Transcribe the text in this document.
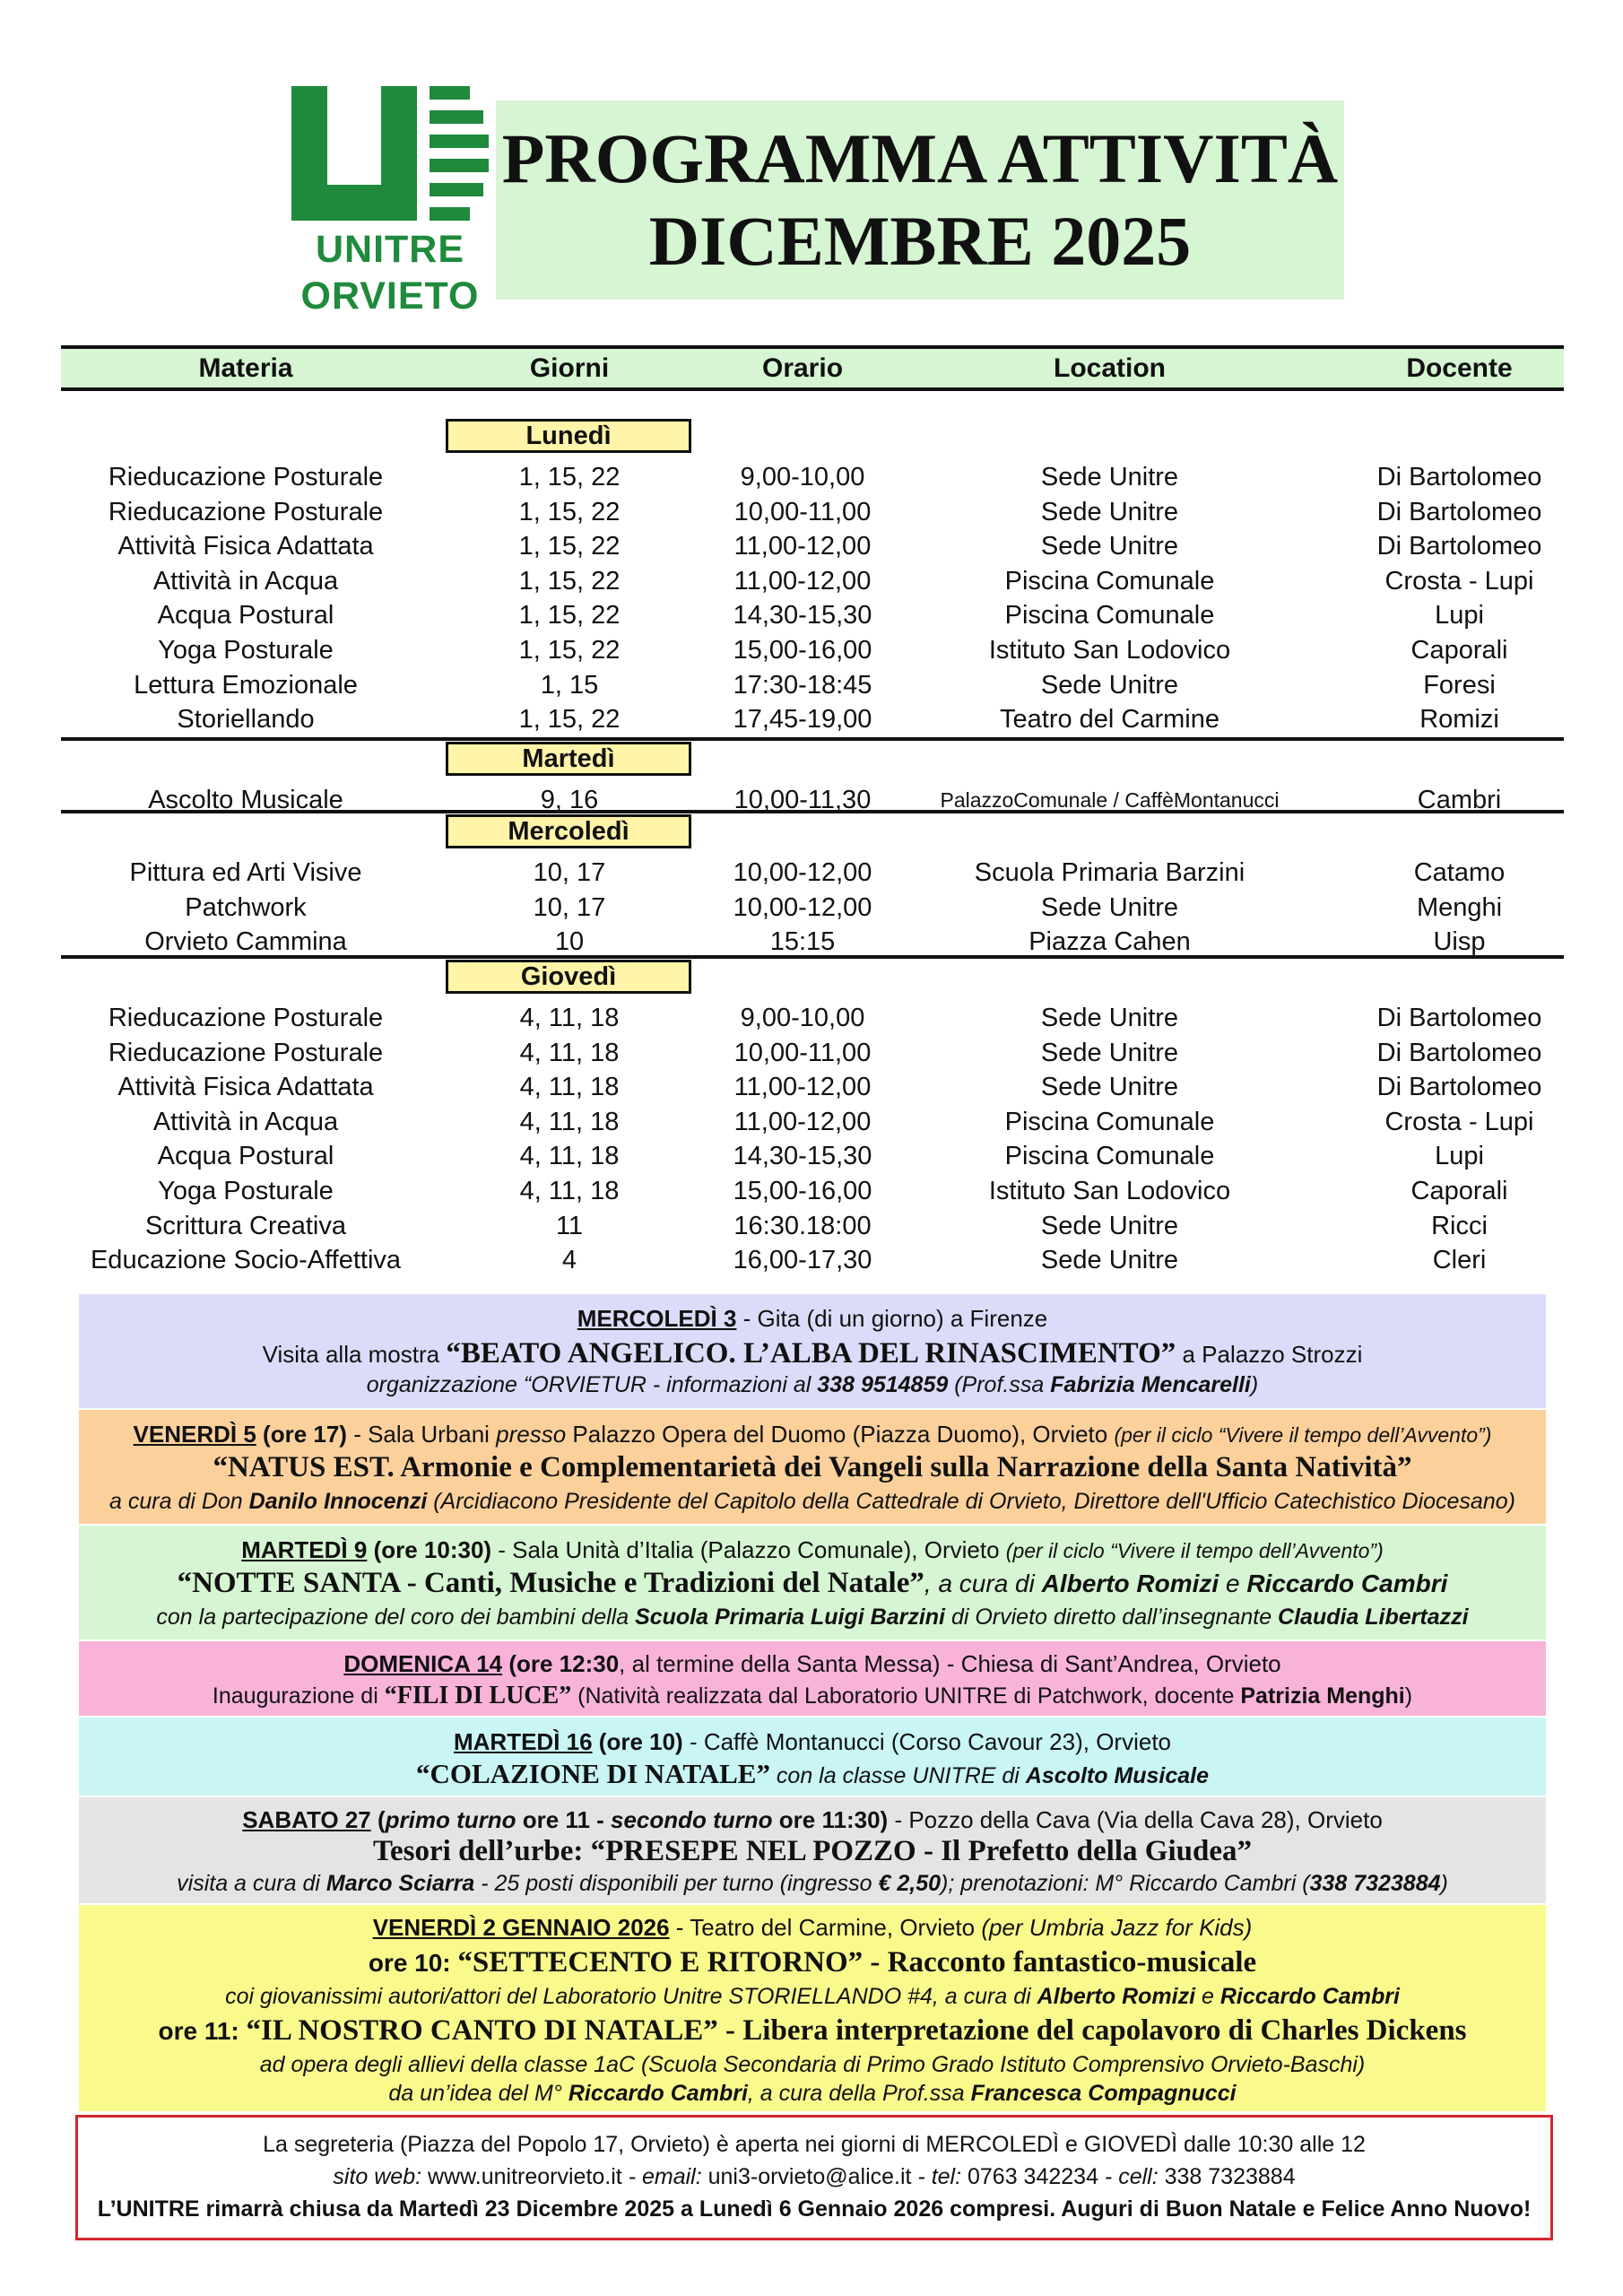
UNITRE
ORVIETO
PROGRAMMA ATTIVITÀ
DICEMBRE 2025
Materia	Giorni	Orario	Location	Docente
Lunedì
Rieducazione Posturale	1, 15, 22	9,00-10,00	Sede Unitre	Di Bartolomeo
Rieducazione Posturale	1, 15, 22	10,00-11,00	Sede Unitre	Di Bartolomeo
Attività Fisica Adattata	1, 15, 22	11,00-12,00	Sede Unitre	Di Bartolomeo
Attività in Acqua	1, 15, 22	11,00-12,00	Piscina Comunale	Crosta - Lupi
Acqua Postural	1, 15, 22	14,30-15,30	Piscina Comunale	Lupi
Yoga Posturale	1, 15, 22	15,00-16,00	Istituto San Lodovico	Caporali
Lettura Emozionale	1, 15	17:30-18:45	Sede Unitre	Foresi
Storiellando	1, 15, 22	17,45-19,00	Teatro del Carmine	Romizi
Martedì
Ascolto Musicale	9, 16	10,00-11,30	PalazzoComunale / CaffèMontanucci	Cambri
Mercoledì
Pittura ed Arti Visive	10, 17	10,00-12,00	Scuola Primaria Barzini	Catamo
Patchwork	10, 17	10,00-12,00	Sede Unitre	Menghi
Orvieto Cammina	10	15:15	Piazza Cahen	Uisp
Giovedì
Rieducazione Posturale	4, 11, 18	9,00-10,00	Sede Unitre	Di Bartolomeo
Rieducazione Posturale	4, 11, 18	10,00-11,00	Sede Unitre	Di Bartolomeo
Attività Fisica Adattata	4, 11, 18	11,00-12,00	Sede Unitre	Di Bartolomeo
Attività in Acqua	4, 11, 18	11,00-12,00	Piscina Comunale	Crosta - Lupi
Acqua Postural	4, 11, 18	14,30-15,30	Piscina Comunale	Lupi
Yoga Posturale	4, 11, 18	15,00-16,00	Istituto San Lodovico	Caporali
Scrittura Creativa	11	16:30.18:00	Sede Unitre	Ricci
Educazione Socio-Affettiva	4	16,00-17,30	Sede Unitre	Cleri
MERCOLEDÌ 3 - Gita (di un giorno) a Firenze
Visita alla mostra “BEATO ANGELICO. L’ALBA DEL RINASCIMENTO” a Palazzo Strozzi
organizzazione “ORVIETUR - informazioni al 338 9514859 (Prof.ssa Fabrizia Mencarelli)
VENERDÌ 5 (ore 17) - Sala Urbani presso Palazzo Opera del Duomo (Piazza Duomo), Orvieto (per il ciclo “Vivere il tempo dell’Avvento”)
“NATUS EST. Armonie e Complementarietà dei Vangeli sulla Narrazione della Santa Natività”
a cura di Don Danilo Innocenzi (Arcidiacono Presidente del Capitolo della Cattedrale di Orvieto, Direttore dell'Ufficio Catechistico Diocesano)
MARTEDÌ 9 (ore 10:30) - Sala Unità d’Italia (Palazzo Comunale), Orvieto (per il ciclo “Vivere il tempo dell’Avvento”)
“NOTTE SANTA - Canti, Musiche e Tradizioni del Natale”, a cura di Alberto Romizi e Riccardo Cambri
con la partecipazione del coro dei bambini della Scuola Primaria Luigi Barzini di Orvieto diretto dall’insegnante Claudia Libertazzi
DOMENICA 14 (ore 12:30, al termine della Santa Messa) - Chiesa di Sant’Andrea, Orvieto
Inaugurazione di “FILI DI LUCE” (Natività realizzata dal Laboratorio UNITRE di Patchwork, docente Patrizia Menghi)
MARTEDÌ 16 (ore 10) - Caffè Montanucci (Corso Cavour 23), Orvieto
“COLAZIONE DI NATALE” con la classe UNITRE di Ascolto Musicale
SABATO 27 (primo turno ore 11 - secondo turno ore 11:30) - Pozzo della Cava (Via della Cava 28), Orvieto
Tesori dell’urbe: “PRESEPE NEL POZZO - Il Prefetto della Giudea”
visita a cura di Marco Sciarra - 25 posti disponibili per turno (ingresso € 2,50); prenotazioni: M° Riccardo Cambri (338 7323884)
VENERDÌ 2 GENNAIO 2026 - Teatro del Carmine, Orvieto (per Umbria Jazz for Kids)
ore 10: “SETTECENTO E RITORNO” - Racconto fantastico-musicale
coi giovanissimi autori/attori del Laboratorio Unitre STORIELLANDO #4, a cura di Alberto Romizi e Riccardo Cambri
ore 11: “IL NOSTRO CANTO DI NATALE” - Libera interpretazione del capolavoro di Charles Dickens
ad opera degli allievi della classe 1aC (Scuola Secondaria di Primo Grado Istituto Comprensivo Orvieto-Baschi)
da un’idea del M° Riccardo Cambri, a cura della Prof.ssa Francesca Compagnucci
La segreteria (Piazza del Popolo 17, Orvieto) è aperta nei giorni di MERCOLEDÌ e GIOVEDÌ dalle 10:30 alle 12
sito web: www.unitreorvieto.it - email: uni3-orvieto@alice.it - tel: 0763 342234 - cell: 338 7323884
L’UNITRE rimarrà chiusa da Martedì 23 Dicembre 2025 a Lunedì 6 Gennaio 2026 compresi. Auguri di Buon Natale e Felice Anno Nuovo!
